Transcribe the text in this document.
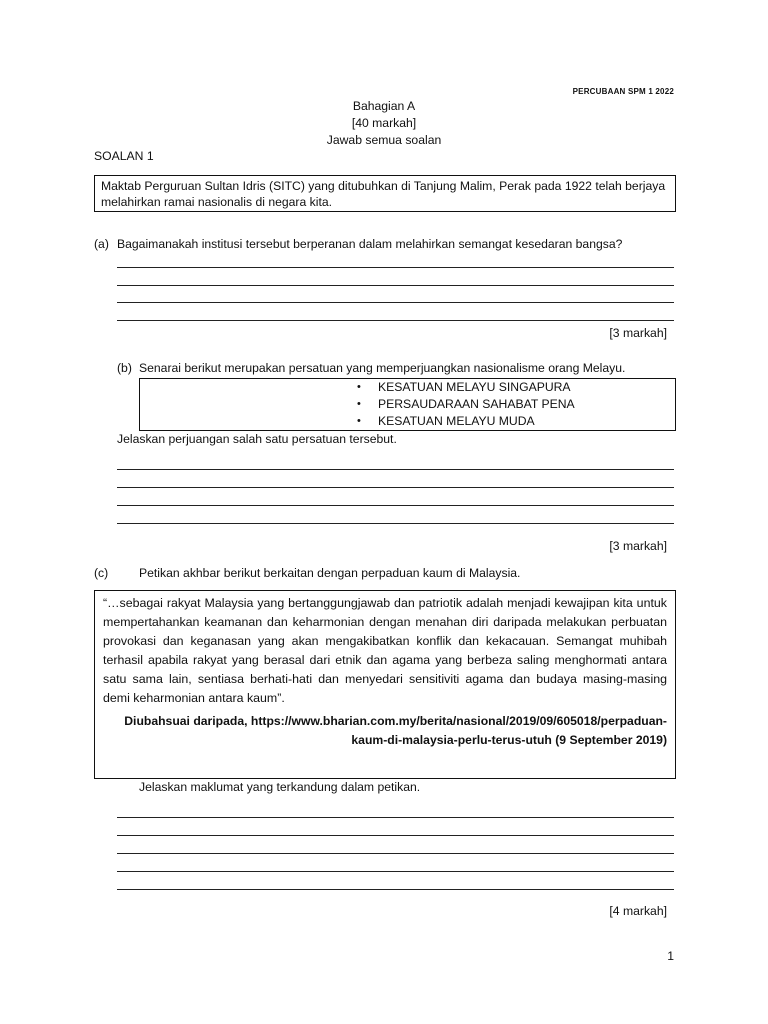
PERCUBAAN SPM 1 2022
Bahagian A
[40 markah]
Jawab semua soalan
SOALAN 1
Maktab Perguruan Sultan Idris (SITC) yang ditubuhkan di Tanjung Malim, Perak pada 1922 telah berjaya melahirkan ramai nasionalis di negara kita.
(a) Bagaimanakah institusi tersebut berperanan dalam melahirkan semangat kesedaran bangsa?
[3 markah]
(b) Senarai berikut merupakan persatuan yang memperjuangkan nasionalisme orang Melayu.
• KESATUAN MELAYU SINGAPURA
• PERSAUDARAAN SAHABAT PENA
• KESATUAN MELAYU MUDA
Jelaskan perjuangan salah satu persatuan tersebut.
[3 markah]
(c)	Petikan akhbar berikut berkaitan dengan perpaduan kaum di Malaysia.
“…sebagai rakyat Malaysia yang bertanggungjawab dan patriotik adalah menjadi kewajipan kita untuk mempertahankan keamanan dan keharmonian dengan menahan diri daripada melakukan perbuatan provokasi dan keganasan yang akan mengakibatkan konflik dan kekacauan. Semangat muhibah terhasil apabila rakyat yang berasal dari etnik dan agama yang berbeza saling menghormati antara satu sama lain, sentiasa berhati-hati dan menyedari sensitiviti agama dan budaya masing-masing demi keharmonian antara kaum”.
Diubahsuai daripada, https://www.bharian.com.my/berita/nasional/2019/09/605018/perpaduan-
kaum-di-malaysia-perlu-terus-utuh (9 September 2019)
Jelaskan maklumat yang terkandung dalam petikan.
[4 markah]
1
